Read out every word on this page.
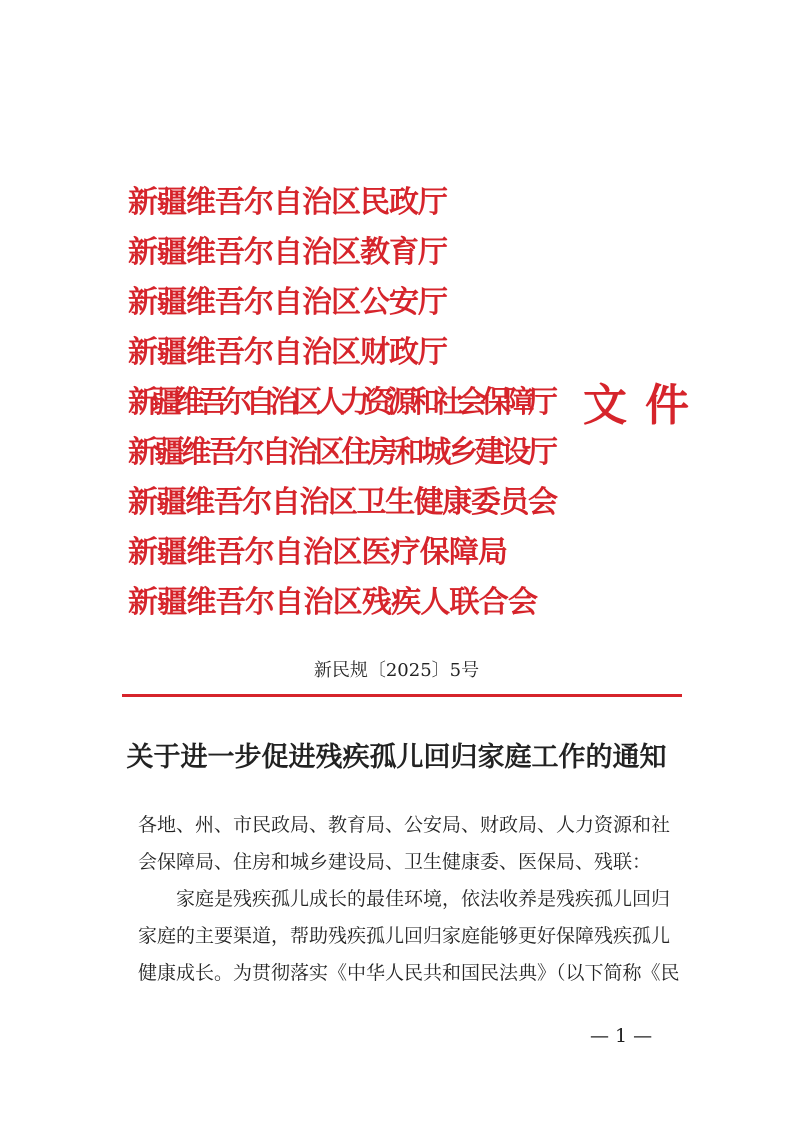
新疆维吾尔自治区民政厅
新疆维吾尔自治区教育厅
新疆维吾尔自治区公安厅
新疆维吾尔自治区财政厅
新疆维吾尔自治区人力资源和社会保障厅
新疆维吾尔自治区住房和城乡建设厅
新疆维吾尔自治区卫生健康委员会
新疆维吾尔自治区医疗保障局
新疆维吾尔自治区残疾人联合会
文件
新民规〔2025〕5号
关于进一步促进残疾孤儿回归家庭工作的通知
各地、州、市民政局、教育局、公安局、财政局、人力资源和社
会保障局、住房和城乡建设局、卫生健康委、医保局、残联：
　　家庭是残疾孤儿成长的最佳环境，依法收养是残疾孤儿回归
家庭的主要渠道，帮助残疾孤儿回归家庭能够更好保障残疾孤儿
健康成长。为贯彻落实《中华人民共和国民法典》（以下简称《民
— 1 —
